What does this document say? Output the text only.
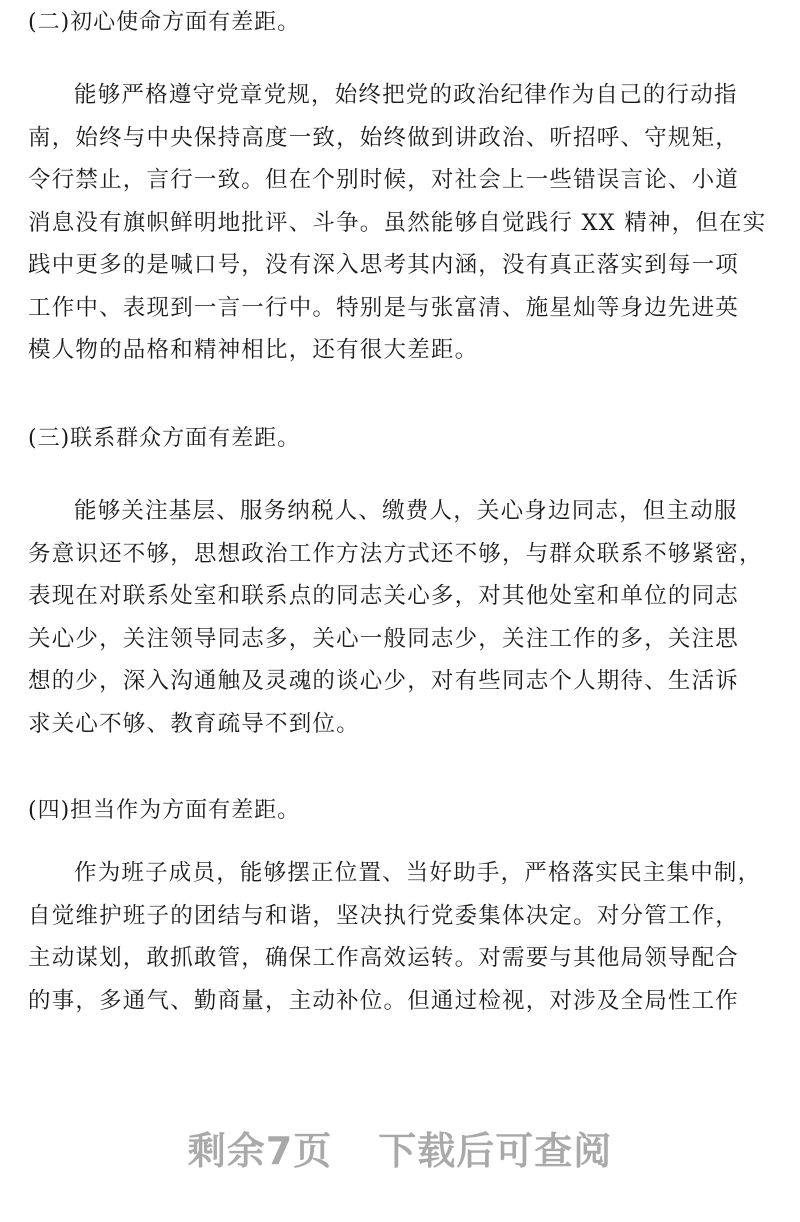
(二)初心使命方面有差距。
能够严格遵守党章党规，始终把党的政治纪律作为自己的行动指
南，始终与中央保持高度一致，始终做到讲政治、听招呼、守规矩，
令行禁止，言行一致。但在个别时候，对社会上一些错误言论、小道
消息没有旗帜鲜明地批评、斗争。虽然能够自觉践行 XX 精神，但在实
践中更多的是喊口号，没有深入思考其内涵，没有真正落实到每一项
工作中、表现到一言一行中。特别是与张富清、施星灿等身边先进英
模人物的品格和精神相比，还有很大差距。
(三)联系群众方面有差距。
能够关注基层、服务纳税人、缴费人，关心身边同志，但主动服
务意识还不够，思想政治工作方法方式还不够，与群众联系不够紧密，
表现在对联系处室和联系点的同志关心多，对其他处室和单位的同志
关心少，关注领导同志多，关心一般同志少，关注工作的多，关注思
想的少，深入沟通触及灵魂的谈心少，对有些同志个人期待、生活诉
求关心不够、教育疏导不到位。
(四)担当作为方面有差距。
作为班子成员，能够摆正位置、当好助手，严格落实民主集中制，
自觉维护班子的团结与和谐，坚决执行党委集体决定。对分管工作，
主动谋划，敢抓敢管，确保工作高效运转。对需要与其他局领导配合
的事，多通气、勤商量，主动补位。但通过检视，对涉及全局性工作
剩余7页 下载后可查阅
